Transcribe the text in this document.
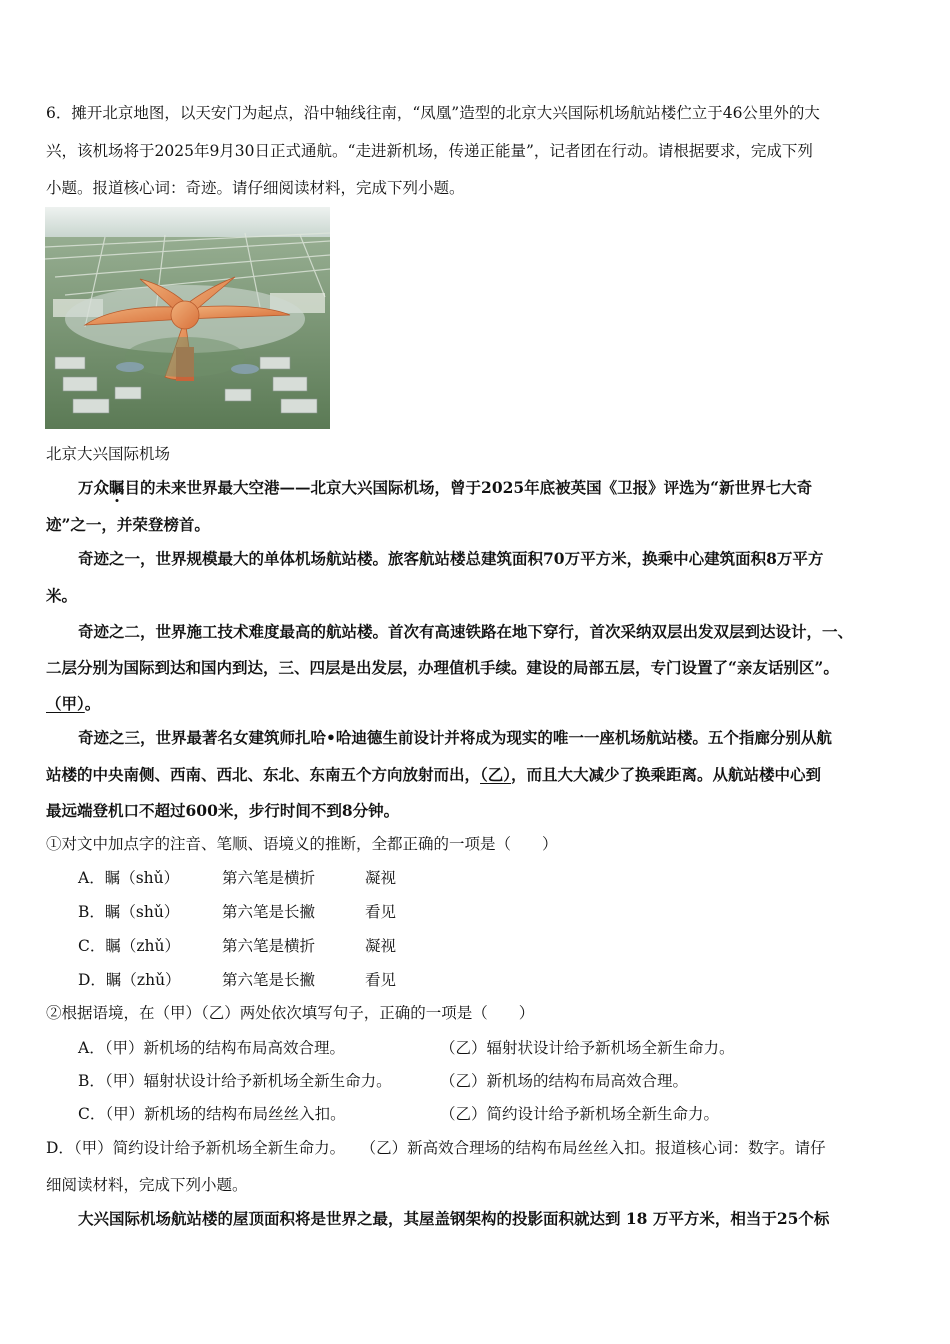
6．摊开北京地图，以天安门为起点，沿中轴线往南，“凤凰”造型的北京大兴国际机场航站楼伫立于46公里外的大
兴，该机场将于2025年9月30日正式通航。“走进新机场，传递正能量”，记者团在行动。请根据要求，完成下列
小题。报道核心词：奇迹。请仔细阅读材料，完成下列小题。
北京大兴国际机场
万众瞩目的未来世界最大空港——北京大兴国际机场，曾于2025年底被英国《卫报》评选为“新世界七大奇
迹”之一，并荣登榜首。
奇迹之一，世界规模最大的单体机场航站楼。旅客航站楼总建筑面积70万平方米，换乘中心建筑面积8万平方
米。
奇迹之二，世界施工技术难度最高的航站楼。首次有高速铁路在地下穿行，首次采纳双层出发双层到达设计，一、
二层分别为国际到达和国内到达，三、四层是出发层，办理值机手续。建设的局部五层，专门设置了“亲友话别区”。
（甲）。
奇迹之三，世界最著名女建筑师扎哈•哈迪德生前设计并将成为现实的唯一一座机场航站楼。五个指廊分别从航
站楼的中央南侧、西南、西北、东北、东南五个方向放射而出，（乙），而且大大减少了换乘距离。从航站楼中心到
最远端登机口不超过600米，步行时间不到8分钟。
①对文中加点字的注音、笔顺、语境义的推断，全都正确的一项是（　　）
A．瞩（shǔ）	第六笔是横折	凝视
B．瞩（shǔ）	第六笔是长撇	看见
C．瞩（zhǔ）	第六笔是横折	凝视
D．瞩（zhǔ）	第六笔是长撇	看见
②根据语境，在（甲）（乙）两处依次填写句子，正确的一项是（　　）
A．（甲）新机场的结构布局高效合理。	（乙）辐射状设计给予新机场全新生命力。
B．（甲）辐射状设计给予新机场全新生命力。	（乙）新机场的结构布局高效合理。
C．（甲）新机场的结构布局丝丝入扣。	（乙）简约设计给予新机场全新生命力。
D．（甲）简约设计给予新机场全新生命力。　　（乙）新高效合理场的结构布局丝丝入扣。报道核心词：数字。请仔
细阅读材料，完成下列小题。
大兴国际机场航站楼的屋顶面积将是世界之最，其屋盖钢架构的投影面积就达到 18 万平方米，相当于25个标
